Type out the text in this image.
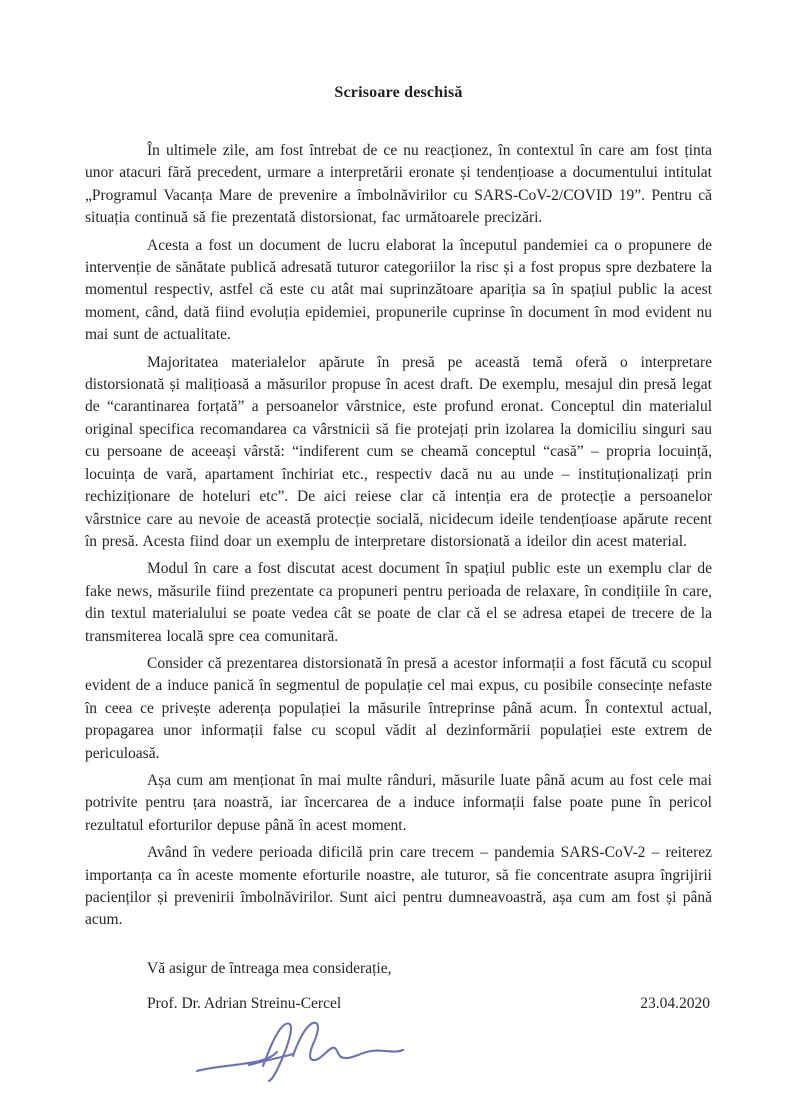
Scrisoare deschisă

În ultimele zile, am fost întrebat de ce nu reacționez, în contextul în care am fost ținta unor atacuri fără precedent, urmare a interpretării eronate și tendențioase a documentului intitulat „Programul Vacanța Mare de prevenire a îmbolnăvirilor cu SARS-CoV-2/COVID 19”. Pentru că situația continuă să fie prezentată distorsionat, fac următoarele precizări.

Acesta a fost un document de lucru elaborat la începutul pandemiei ca o propunere de intervenție de sănătate publică adresată tuturor categoriilor la risc și a fost propus spre dezbatere la momentul respectiv, astfel că este cu atât mai suprinzătoare apariția sa în spațiul public la acest moment, când, dată fiind evoluția epidemiei, propunerile cuprinse în document în mod evident nu mai sunt de actualitate.

Majoritatea materialelor apărute în presă pe această temă oferă o interpretare distorsionată și malițioasă a măsurilor propuse în acest draft. De exemplu, mesajul din presă legat de “carantinarea forțată” a persoanelor vârstnice, este profund eronat. Conceptul din materialul original specifica recomandarea ca vârstnicii să fie protejați prin izolarea la domiciliu singuri sau cu persoane de aceeași vârstă: “indiferent cum se cheamă conceptul “casă” – propria locuință, locuința de vară, apartament închiriat etc., respectiv dacă nu au unde – instituționalizați prin rechiziționare de hoteluri etc”. De aici reiese clar că intenția era de protecție a persoanelor vârstnice care au nevoie de această protecție socială, nicidecum ideile tendențioase apărute recent în presă. Acesta fiind doar un exemplu de interpretare distorsionată a ideilor din acest material.

Modul în care a fost discutat acest document în spațiul public este un exemplu clar de fake news, măsurile fiind prezentate ca propuneri pentru perioada de relaxare, în condițiile în care, din textul materialului se poate vedea cât se poate de clar că el se adresa etapei de trecere de la transmiterea locală spre cea comunitară.

Consider că prezentarea distorsionată în presă a acestor informații a fost făcută cu scopul evident de a induce panică în segmentul de populație cel mai expus, cu posibile consecințe nefaste în ceea ce privește aderența populației la măsurile întreprinse până acum. În contextul actual, propagarea unor informații false cu scopul vădit al dezinformării populației este extrem de periculoasă.

Așa cum am menționat în mai multe rânduri, măsurile luate până acum au fost cele mai potrivite pentru țara noastră, iar încercarea de a induce informații false poate pune în pericol rezultatul eforturilor depuse până în acest moment.

Având în vedere perioada dificilă prin care trecem – pandemia SARS-CoV-2 – reiterez importanța ca în aceste momente eforturile noastre, ale tuturor, să fie concentrate asupra îngrijirii pacienților și prevenirii îmbolnăvirilor. Sunt aici pentru dumneavoastră, așa cum am fost și până acum.

Vă asigur de întreaga mea considerație,

Prof. Dr. Adrian Streinu-Cercel	23.04.2020
